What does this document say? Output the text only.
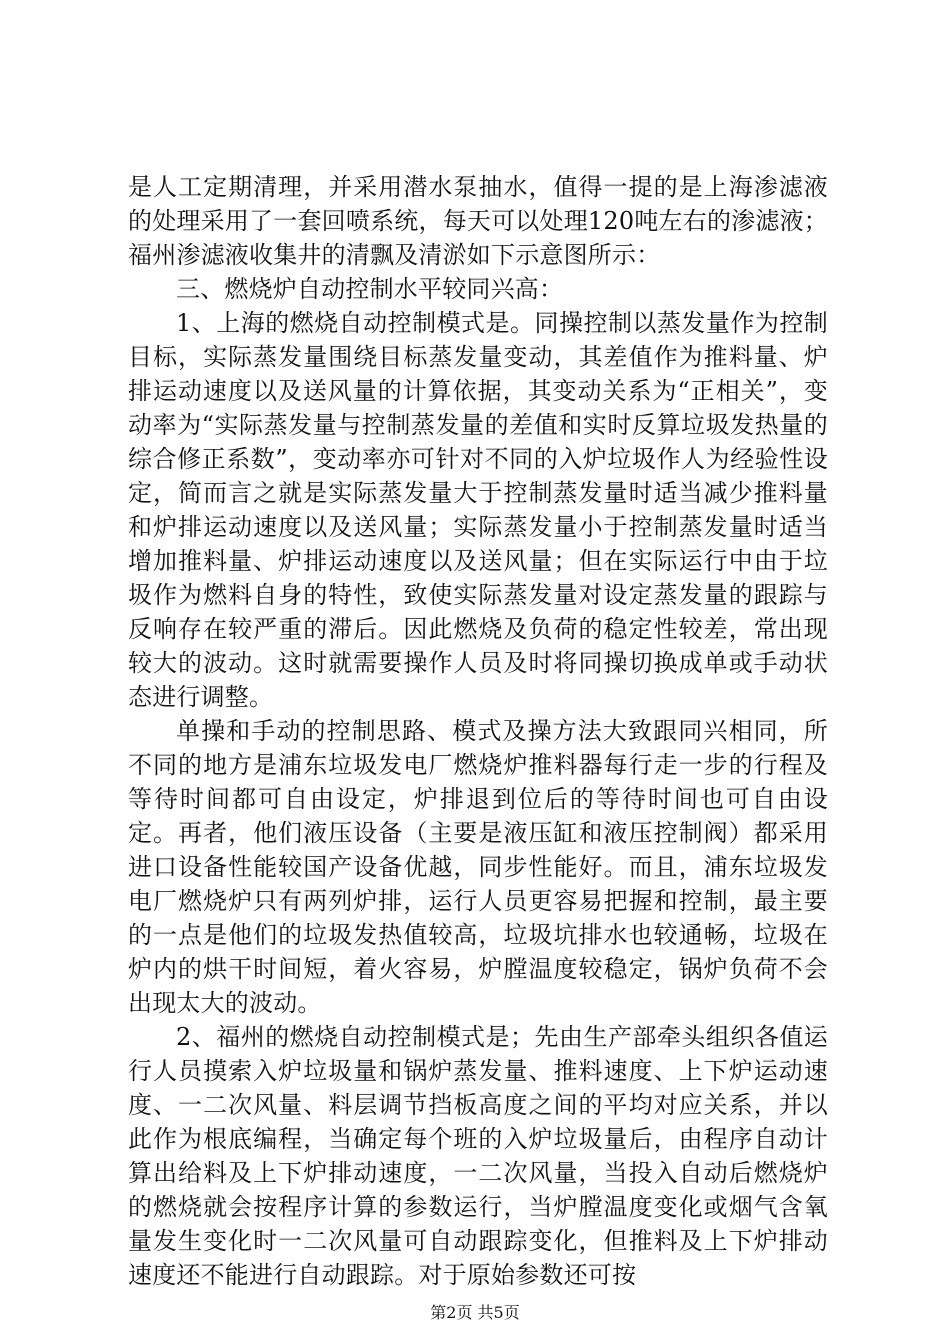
是人工定期清理，并采用潜水泵抽水，值得一提的是上海渗滤液的处理采用了一套回喷系统，每天可以处理120吨左右的渗滤液；福州渗滤液收集井的清飘及清淤如下示意图所示：

三、燃烧炉自动控制水平较同兴高：

1、上海的燃烧自动控制模式是。同操控制以蒸发量作为控制目标，实际蒸发量围绕目标蒸发量变动，其差值作为推料量、炉排运动速度以及送风量的计算依据，其变动关系为“正相关”，变动率为“实际蒸发量与控制蒸发量的差值和实时反算垃圾发热量的综合修正系数”，变动率亦可针对不同的入炉垃圾作人为经验性设定，简而言之就是实际蒸发量大于控制蒸发量时适当减少推料量和炉排运动速度以及送风量；实际蒸发量小于控制蒸发量时适当增加推料量、炉排运动速度以及送风量；但在实际运行中由于垃圾作为燃料自身的特性，致使实际蒸发量对设定蒸发量的跟踪与反响存在较严重的滞后。因此燃烧及负荷的稳定性较差，常出现较大的波动。这时就需要操作人员及时将同操切换成单或手动状态进行调整。

单操和手动的控制思路、模式及操方法大致跟同兴相同，所不同的地方是浦东垃圾发电厂燃烧炉推料器每行走一步的行程及等待时间都可自由设定，炉排退到位后的等待时间也可自由设定。再者，他们液压设备（主要是液压缸和液压控制阀）都采用进口设备性能较国产设备优越，同步性能好。而且，浦东垃圾发电厂燃烧炉只有两列炉排，运行人员更容易把握和控制，最主要的一点是他们的垃圾发热值较高，垃圾坑排水也较通畅，垃圾在炉内的烘干时间短，着火容易，炉膛温度较稳定，锅炉负荷不会出现太大的波动。

2、福州的燃烧自动控制模式是；先由生产部牵头组织各值运行人员摸索入炉垃圾量和锅炉蒸发量、推料速度、上下炉运动速度、一二次风量、料层调节挡板高度之间的平均对应关系，并以此作为根底编程，当确定每个班的入炉垃圾量后，由程序自动计算出给料及上下炉排动速度，一二次风量，当投入自动后燃烧炉的燃烧就会按程序计算的参数运行，当炉膛温度变化或烟气含氧量发生变化时一二次风量可自动跟踪变化，但推料及上下炉排动速度还不能进行自动跟踪。对于原始参数还可按

第2页 共5页
